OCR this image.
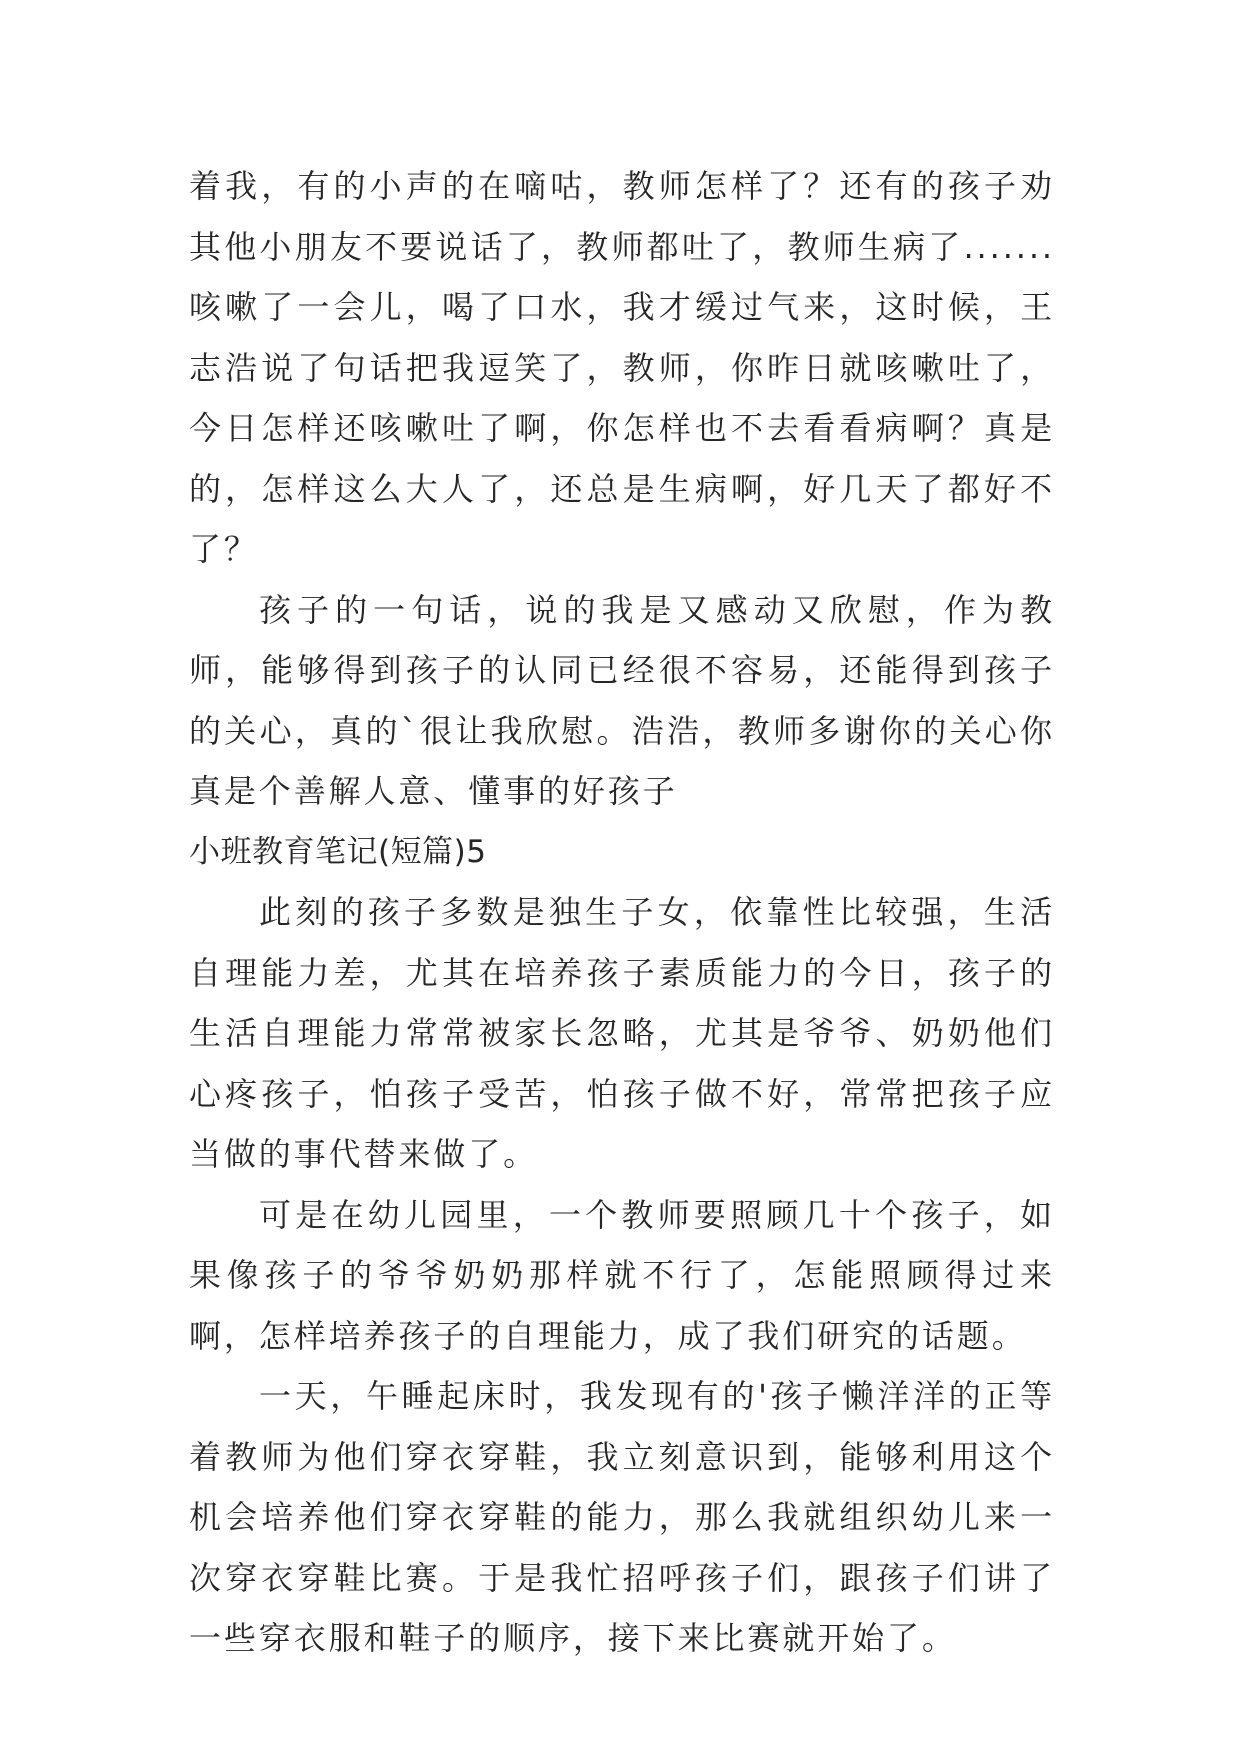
着我，有的小声的在嘀咕，教师怎样了？还有的孩子劝其他小朋友不要说话了，教师都吐了，教师生病了.......咳嗽了一会儿，喝了口水，我才缓过气来，这时候，王志浩说了句话把我逗笑了，教师，你昨日就咳嗽吐了，今日怎样还咳嗽吐了啊，你怎样也不去看看病啊？真是的，怎样这么大人了，还总是生病啊，好几天了都好不了？

孩子的一句话，说的我是又感动又欣慰，作为教师，能够得到孩子的认同已经很不容易，还能得到孩子的关心，真的`很让我欣慰。浩浩，教师多谢你的关心你真是个善解人意、懂事的好孩子

小班教育笔记(短篇)5

此刻的孩子多数是独生子女，依靠性比较强，生活自理能力差，尤其在培养孩子素质能力的今日，孩子的生活自理能力常常被家长忽略，尤其是爷爷、奶奶他们心疼孩子，怕孩子受苦，怕孩子做不好，常常把孩子应当做的事代替来做了。

可是在幼儿园里，一个教师要照顾几十个孩子，如果像孩子的爷爷奶奶那样就不行了，怎能照顾得过来啊，怎样培养孩子的自理能力，成了我们研究的话题。

一天，午睡起床时，我发现有的'孩子懒洋洋的正等着教师为他们穿衣穿鞋，我立刻意识到，能够利用这个机会培养他们穿衣穿鞋的能力，那么我就组织幼儿来一次穿衣穿鞋比赛。于是我忙招呼孩子们，跟孩子们讲了一些穿衣服和鞋子的顺序，接下来比赛就开始了。
